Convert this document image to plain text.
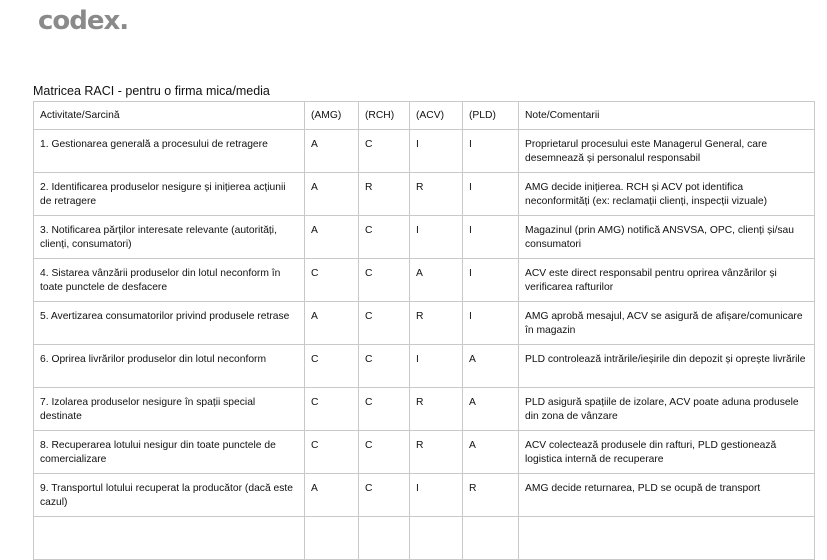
codex.
Matricea RACI - pentru o firma mica/media
Activitate/Sarcină	(AMG)	(RCH)	(ACV)	(PLD)	Note/Comentarii
1. Gestionarea generală a procesului de retragere	A	C	I	I	Proprietarul procesului este Managerul General, care desemnează și personalul responsabil
2. Identificarea produselor nesigure și inițierea acțiunii de retragere	A	R	R	I	AMG decide inițierea. RCH și ACV pot identifica neconformități (ex: reclamații clienți, inspecții vizuale)
3. Notificarea părților interesate relevante (autorități, clienți, consumatori)	A	C	I	I	Magazinul (prin AMG) notifică ANSVSA, OPC, clienți și/sau consumatori
4. Sistarea vânzării produselor din lotul neconform în toate punctele de desfacere	C	C	A	I	ACV este direct responsabil pentru oprirea vânzărilor și verificarea rafturilor
5. Avertizarea consumatorilor privind produsele retrase	A	C	R	I	AMG aprobă mesajul, ACV se asigură de afișare/comunicare în magazin
6. Oprirea livrărilor produselor din lotul neconform	C	C	I	A	PLD controlează intrările/ieșirile din depozit și oprește livrările
7. Izolarea produselor nesigure în spații special destinate	C	C	R	A	PLD asigură spațiile de izolare, ACV poate aduna produsele din zona de vânzare
8. Recuperarea lotului nesigur din toate punctele de comercializare	C	C	R	A	ACV colectează produsele din rafturi, PLD gestionează logistica internă de recuperare
9. Transportul lotului recuperat la producător (dacă este cazul)	A	C	I	R	AMG decide returnarea, PLD se ocupă de transport
